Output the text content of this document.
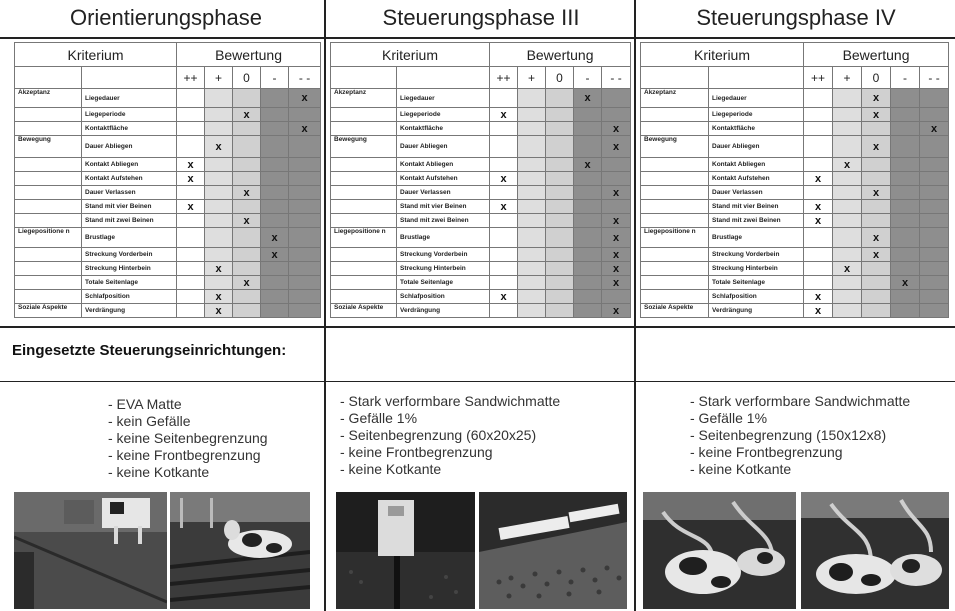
Orientierungsphase	Steuerungsphase III	Steuerungsphase IV
Kriterium		Bewertung				
		++	+	0	-	- -
Akzeptanz	Liegedauer					x
	Liegeperiode			x		
	Kontaktfläche					x
Bewegung	Dauer Abliegen		x			
	Kontakt Abliegen	x				
	Kontakt Aufstehen	x				
	Dauer Verlassen			x		
	Stand mit vier Beinen	x				
	Stand mit zwei Beinen			x		
Liegepositione n	Brustlage				x	
	Streckung Vorderbein				x	
	Streckung Hinterbein		x			
	Totale Seitenlage			x		
	Schlafposition		x			
Soziale Aspekte	Verdrängung		x			
Kriterium		Bewertung				
		++	+	0	-	- -
Akzeptanz	Liegedauer				x	
	Liegeperiode	x				
	Kontaktfläche					x
Bewegung	Dauer Abliegen					x
	Kontakt Abliegen				x	
	Kontakt Aufstehen	x				
	Dauer Verlassen					x
	Stand mit vier Beinen	x				
	Stand mit zwei Beinen					x
Liegepositione n	Brustlage					x
	Streckung Vorderbein					x
	Streckung Hinterbein					x
	Totale Seitenlage					x
	Schlafposition	x				
Soziale Aspekte	Verdrängung					x
Kriterium		Bewertung				
		++	+	0	-	- -
Akzeptanz	Liegedauer			x		
	Liegeperiode			x		
	Kontaktfläche					x
Bewegung	Dauer Abliegen			x		
	Kontakt Abliegen		x			
	Kontakt Aufstehen	x				
	Dauer Verlassen			x		
	Stand mit vier Beinen	x				
	Stand mit zwei Beinen	x				
Liegepositione n	Brustlage			x		
	Streckung Vorderbein			x		
	Streckung Hinterbein		x			
	Totale Seitenlage				x	
	Schlafposition	x				
Soziale Aspekte	Verdrängung	x				
Eingesetzte Steuerungseinrichtungen:
- EVA Matte
- kein Gefälle
- keine Seitenbegrenzung
- keine Frontbegrenzung
- keine Kotkante
- Stark verformbare Sandwichmatte
- Gefälle 1%
- Seitenbegrenzung (60x20x25)
- keine Frontbegrenzung
- keine Kotkante
- Stark verformbare Sandwichmatte
- Gefälle 1%
- Seitenbegrenzung (150x12x8)
- keine Frontbegrenzung
- keine Kotkante
